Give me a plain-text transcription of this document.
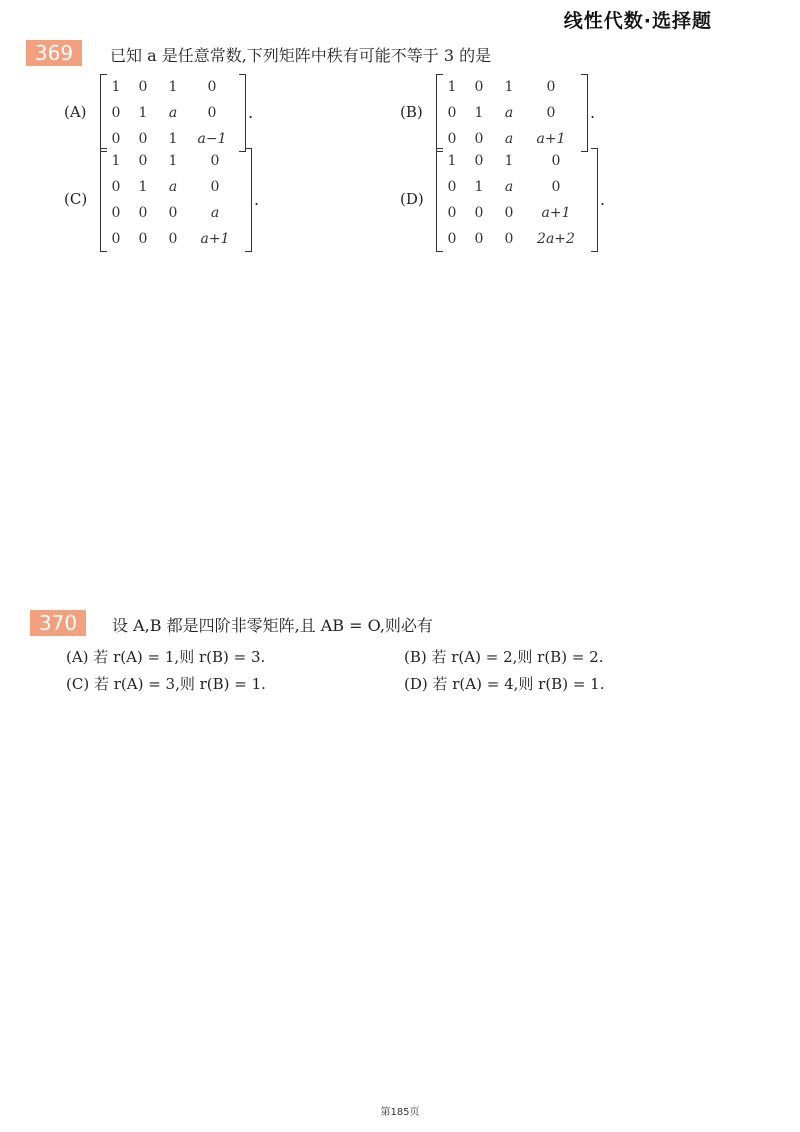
线性代数·选择题
369	已知 a 是任意常数,下列矩阵中秩有可能不等于 3 的是
(A)
1	0	1	0
0	1	a	0
0	0	1	a−1
.	(B)
1	0	1	0
0	1	a	0
0	0	a	a+1
.
(C)
1	0	1	0
0	1	a	0
0	0	0	a
0	0	0	a+1
.	(D)
1	0	1	0
0	1	a	0
0	0	0	a+1
0	0	0	2a+2
.
370	设 A,B 都是四阶非零矩阵,且 AB = O,则必有
(A) 若 r(A) = 1,则 r(B) = 3.	(B) 若 r(A) = 2,则 r(B) = 2.
(C) 若 r(A) = 3,则 r(B) = 1.	(D) 若 r(A) = 4,则 r(B) = 1.
第185页
